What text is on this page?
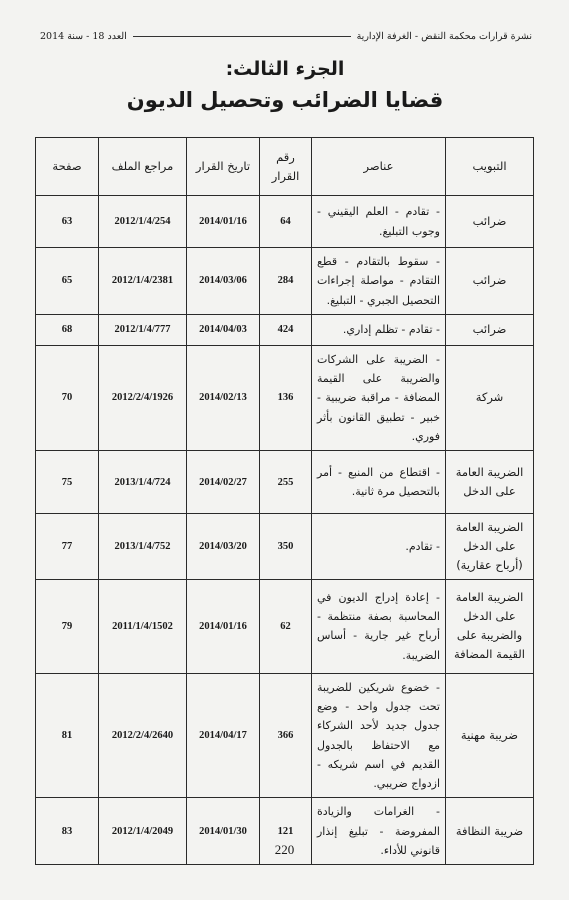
نشرة قرارات محكمة النقض - الغرفة الإدارية
العدد 18 - سنة 2014
الجزء الثالث:
قضايا الضرائب وتحصيل الديون
التبويب	عناصر	رقم القرار	تاريخ القرار	مراجع الملف	صفحة
ضرائب	- تقادم - العلم اليقيني - وجوب التبليغ.	64	2014/01/16	2012/1/4/254	63
ضرائب	- سقوط بالتقادم - قطع التقادم - مواصلة إجراءات التحصيل الجبري - التبليغ.	284	2014/03/06	2012/1/4/2381	65
ضرائب	- تقادم - تظلم إداري.	424	2014/04/03	2012/1/4/777	68
شركة	- الضريبة على الشركات والضريبة على القيمة المضافة - مراقبة ضريبية - خبير - تطبيق القانون بأثر فوري.	136	2014/02/13	2012/2/4/1926	70
الضريبة العامة على الدخل	- اقتطاع من المنبع - أمر بالتحصيل مرة ثانية.	255	2014/02/27	2013/1/4/724	75
الضريبة العامة على الدخل (أرباح عقارية)	- تقادم.	350	2014/03/20	2013/1/4/752	77
الضريبة العامة على الدخل والضريبة على القيمة المضافة	- إعادة إدراج الديون في المحاسبة بصفة منتظمة - أرباح غير جارية - أساس الضريبة.	62	2014/01/16	2011/1/4/1502	79
ضريبة مهنية	- خضوع شريكين للضريبة تحت جدول واحد - وضع جدول جديد لأحد الشركاء مع الاحتفاظ بالجدول القديم في اسم شريكه - ازدواج ضريبي.	366	2014/04/17	2012/2/4/2640	81
ضريبة النظافة	- الغرامات والزيادة المفروضة - تبليغ إنذار قانوني للأداء.	121	2014/01/30	2012/1/4/2049	83
220
